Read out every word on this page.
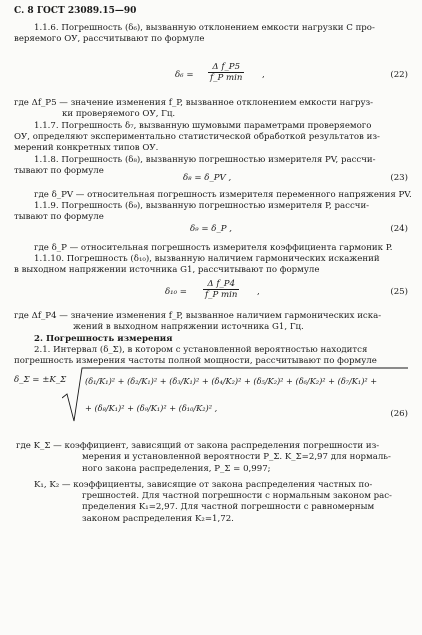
С. 8 ГОСТ 23089.15—90
1.1.6. Погрешность (δ₆), вызванную отклонением емкости нагрузки C про-
веряемого ОУ, рассчитывают по формуле
δ₆ =
Δ f_P5
f_P min ,	(22)
где Δf_P5 — значение изменения f_P, вызванное отклонением емкости нагруз-
ки проверяемого ОУ, Гц.
1.1.7. Погрешность δ₇, вызванную шумовыми параметрами проверяемого
ОУ, определяют экспериментально статистической обработкой результатов из-
мерений конкретных типов ОУ.
1.1.8. Погрешность (δ₈), вызванную погрешностью измерителя PV, рассчи-
тывают по формуле
δ₈ = δ_PV ,	(23)
где δ_PV — относительная погрешность измерителя переменного напряжения PV.
1.1.9. Погрешность (δ₉), вызванную погрешностью измерителя P, рассчи-
тывают по формуле
δ₉ = δ_P ,	(24)
где δ_P — относительная погрешность измерителя коэффициента гармоник P.
1.1.10. Погрешность (δ₁₀), вызванную наличием гармонических искажений
в выходном напряжении источника G1, рассчитывают по формуле
δ₁₀ =
Δ f_P4
f_P min ,	(25)
где Δf_P4 — значение изменения f_P, вызванное наличием гармонических иска-
жений в выходном напряжении источника G1, Гц.
2. Погрешность измерения
2.1. Интервал (δ_Σ), в котором с установленной вероятностью находится
погрешность измерения частоты полной мощности, рассчитывают по формуле
δ_Σ = ±K_Σ (δ₁/K₁)² + (δ₂/K₁)² + (δ₃/K₁)² + (δ₄/K₂)² + (δ₅/K₂)² + (δ₆/K₂)² + (δ₇/K₁)² +
+ (δ₈/K₁)² + (δ₉/K₁)² + (δ₁₀/K₂)² ,
(26)
где K_Σ — коэффициент, зависящий от закона распределения погрешности из-
мерения и установленной вероятности P_Σ. K_Σ=2,97 для нормаль-
ного закона распределения, P_Σ = 0,997;
K₁, K₂ — коэффициенты, зависящие от закона распределения частных по-
грешностей. Для частной погрешности с нормальным законом рас-
пределения K₁=2,97. Для частной погрешности с равномерным
законом распределения K₂=1,72.
